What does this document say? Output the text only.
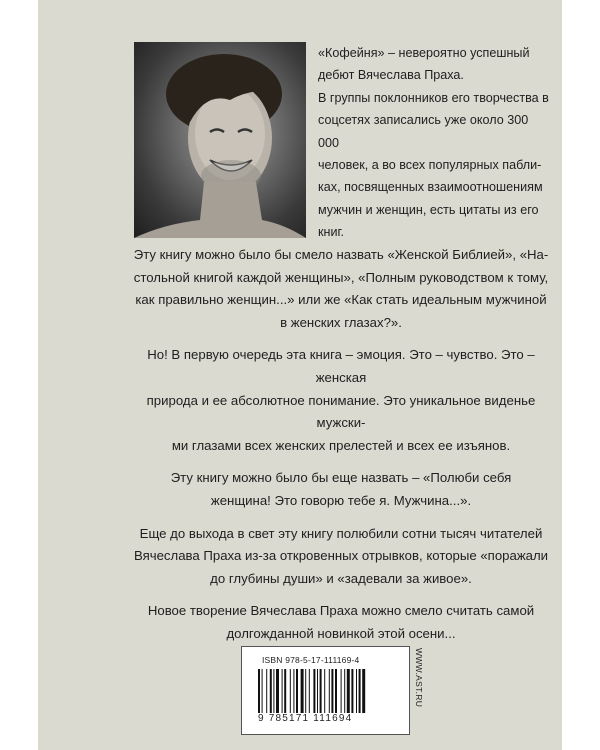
«Кофейня» – невероятно успешный
дебют Вячеслава Праха.
В группы поклонников его творчества в
соцсетях записались уже около 300 000
человек, а во всех популярных пабли-
ках, посвященных взаимоотношениям
мужчин и женщин, есть цитаты из его
книг.

Эту книгу можно было бы смело назвать «Женской Библией», «На-
стольной книгой каждой женщины», «Полным руководством к тому,
как правильно женщин...» или же «Как стать идеальным мужчиной
в женских глазах?».

Но! В первую очередь эта книга – эмоция. Это – чувство. Это – женская
природа и ее абсолютное понимание. Это уникальное виденье мужски-
ми глазами всех женских прелестей и всех ее изъянов.

Эту книгу можно было бы еще назвать – «Полюби себя
женщина! Это говорю тебе я. Мужчина...».

Еще до выхода в свет эту книгу полюбили сотни тысяч читателей
Вячеслава Праха из-за откровенных отрывков, которые «поражали
до глубины души» и «задевали за живое».

Новое творение Вячеслава Праха можно смело считать самой
долгожданной новинкой этой осени...

ISBN 978-5-17-111169-4
9 785171 111694
WWW.AST.RU
